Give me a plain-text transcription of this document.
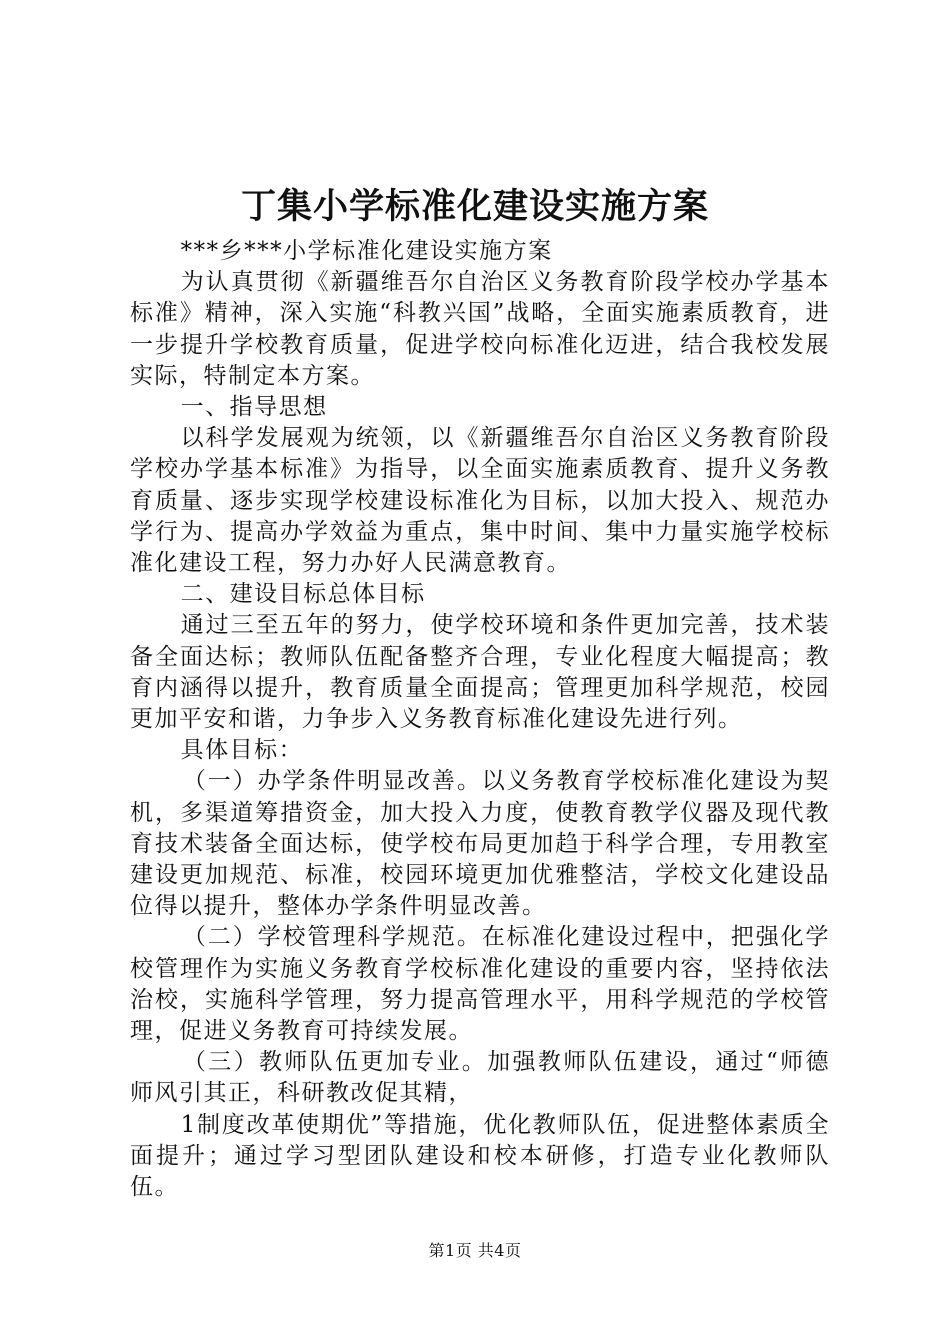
丁集小学标准化建设实施方案

***乡***小学标准化建设实施方案

为认真贯彻《新疆维吾尔自治区义务教育阶段学校办学基本标准》精神，深入实施“科教兴国”战略，全面实施素质教育，进一步提升学校教育质量，促进学校向标准化迈进，结合我校发展实际，特制定本方案。

一、指导思想

以科学发展观为统领，以《新疆维吾尔自治区义务教育阶段学校办学基本标准》为指导，以全面实施素质教育、提升义务教育质量、逐步实现学校建设标准化为目标，以加大投入、规范办学行为、提高办学效益为重点，集中时间、集中力量实施学校标准化建设工程，努力办好人民满意教育。

二、建设目标总体目标

通过三至五年的努力，使学校环境和条件更加完善，技术装备全面达标；教师队伍配备整齐合理，专业化程度大幅提高；教育内涵得以提升，教育质量全面提高；管理更加科学规范，校园更加平安和谐，力争步入义务教育标准化建设先进行列。

具体目标：

（一）办学条件明显改善。以义务教育学校标准化建设为契机，多渠道筹措资金，加大投入力度，使教育教学仪器及现代教育技术装备全面达标，使学校布局更加趋于科学合理，专用教室建设更加规范、标准，校园环境更加优雅整洁，学校文化建设品位得以提升，整体办学条件明显改善。

（二）学校管理科学规范。在标准化建设过程中，把强化学校管理作为实施义务教育学校标准化建设的重要内容，坚持依法治校，实施科学管理，努力提高管理水平，用科学规范的学校管理，促进义务教育可持续发展。

（三）教师队伍更加专业。加强教师队伍建设，通过“师德师风引其正，科研教改促其精，

1制度改革使期优”等措施，优化教师队伍，促进整体素质全面提升；通过学习型团队建设和校本研修，打造专业化教师队伍。

第1页 共4页
